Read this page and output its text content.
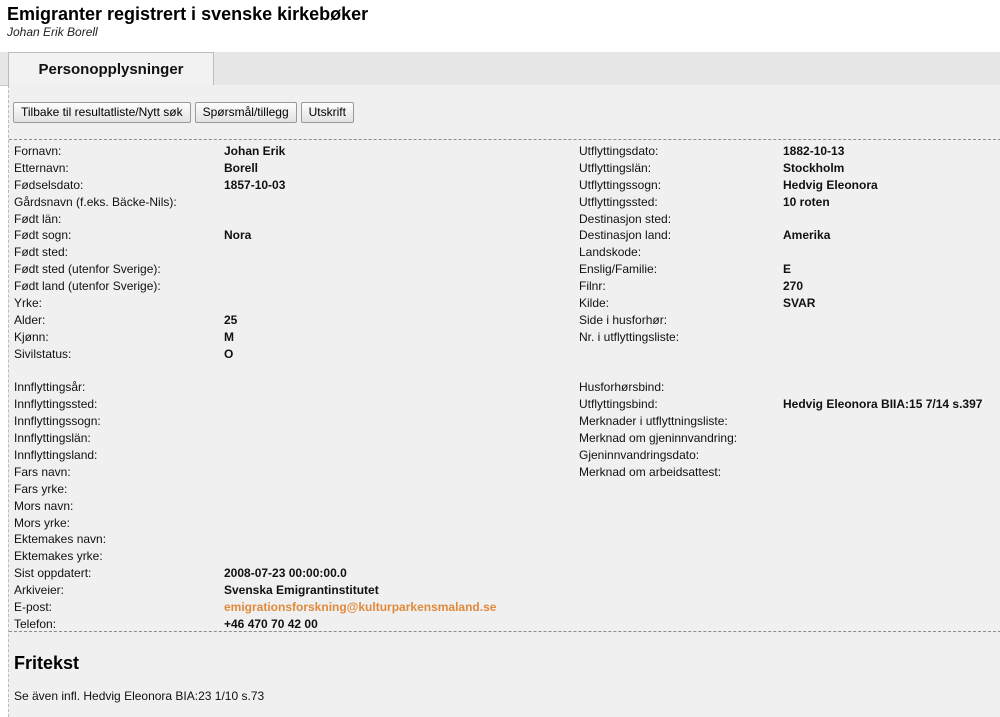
Emigranter registrert i svenske kirkebøker
Johan Erik Borell
Personopplysninger
Tilbake til resultatliste/Nytt søk	Spørsmål/tillegg	Utskrift
Fornavn:	Johan Erik
Etternavn:	Borell
Fødselsdato:	1857-10-03
Gårdsnavn (f.eks. Bäcke-Nils):
Født län:
Født sogn:	Nora
Født sted:
Født sted (utenfor Sverige):
Født land (utenfor Sverige):
Yrke:
Alder:	25
Kjønn:	M
Sivilstatus:	O
Innflyttingsår:
Innflyttingssted:
Innflyttingssogn:
Innflyttingslän:
Innflyttingsland:
Fars navn:
Fars yrke:
Mors navn:
Mors yrke:
Ektemakes navn:
Ektemakes yrke:
Sist oppdatert:	2008-07-23 00:00:00.0
Arkiveier:	Svenska Emigrantinstitutet
E-post:	emigrationsforskning@kulturparkensmaland.se
Telefon:	+46 470 70 42 00
Utflyttingsdato:	1882-10-13
Utflyttingslän:	Stockholm
Utflyttingssogn:	Hedvig Eleonora
Utflyttingssted:	10 roten
Destinasjon sted:
Destinasjon land:	Amerika
Landskode:
Enslig/Familie:	E
Filnr:	270
Kilde:	SVAR
Side i husforhør:
Nr. i utflyttingsliste:
Husforhørsbind:
Utflyttingsbind:	Hedvig Eleonora BIIA:15 7/14 s.397
Merknader i utflyttningsliste:
Merknad om gjeninnvandring:
Gjeninnvandringsdato:
Merknad om arbeidsattest:
Fritekst
Se även infl. Hedvig Eleonora BIA:23 1/10 s.73
